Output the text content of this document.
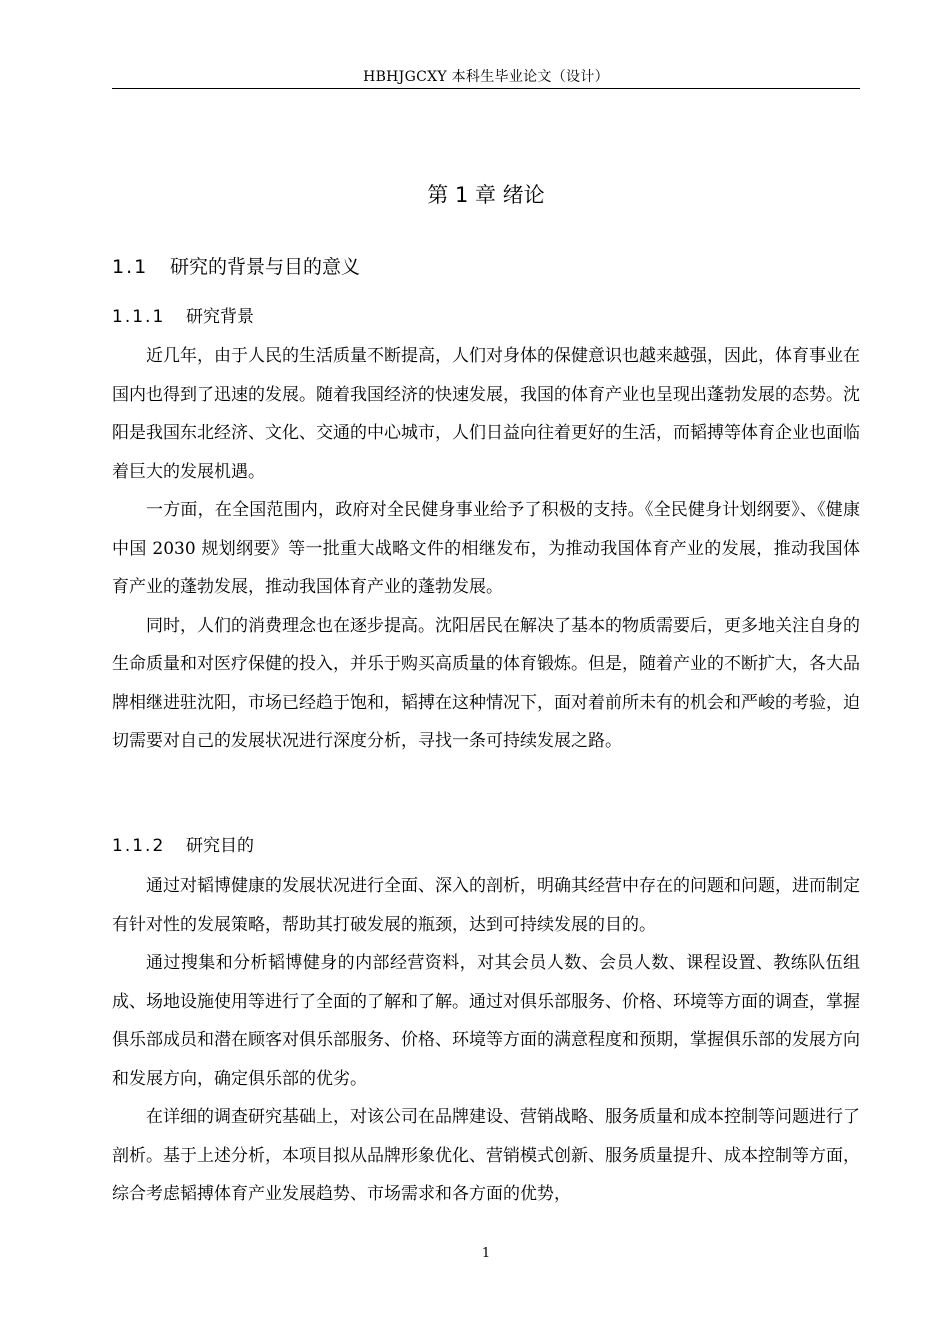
HBHJGCXY 本科生毕业论文（设计）
第 1 章 绪论
1.1 研究的背景与目的意义
1.1.1 研究背景

近几年，由于人民的生活质量不断提高，人们对身体的保健意识也越来越强，因此，体育事业在国内也得到了迅速的发展。随着我国经济的快速发展，我国的体育产业也呈现出蓬勃发展的态势。沈阳是我国东北经济、文化、交通的中心城市，人们日益向往着更好的生活，而韬搏等体育企业也面临着巨大的发展机遇。

一方面，在全国范围内，政府对全民健身事业给予了积极的支持。《全民健身计划纲要》、《健康中国 2030 规划纲要》等一批重大战略文件的相继发布，为推动我国体育产业的发展，推动我国体育产业的蓬勃发展，推动我国体育产业的蓬勃发展。

同时，人们的消费理念也在逐步提高。沈阳居民在解决了基本的物质需要后，更多地关注自身的生命质量和对医疗保健的投入，并乐于购买高质量的体育锻炼。但是，随着产业的不断扩大，各大品牌相继进驻沈阳，市场已经趋于饱和，韬搏在这种情况下，面对着前所未有的机会和严峻的考验，迫切需要对自己的发展状况进行深度分析，寻找一条可持续发展之路。

1.1.2 研究目的

通过对韬博健康的发展状况进行全面、深入的剖析，明确其经营中存在的问题和问题，进而制定有针对性的发展策略，帮助其打破发展的瓶颈，达到可持续发展的目的。

通过搜集和分析韬博健身的内部经营资料，对其会员人数、会员人数、课程设置、教练队伍组成、场地设施使用等进行了全面的了解和了解。通过对俱乐部服务、价格、环境等方面的调查，掌握俱乐部成员和潜在顾客对俱乐部服务、价格、环境等方面的满意程度和预期，掌握俱乐部的发展方向和发展方向，确定俱乐部的优劣。

在详细的调查研究基础上，对该公司在品牌建设、营销战略、服务质量和成本控制等问题进行了剖析。基于上述分析，本项目拟从品牌形象优化、营销模式创新、服务质量提升、成本控制等方面，综合考虑韬搏体育产业发展趋势、市场需求和各方面的优势，

1
